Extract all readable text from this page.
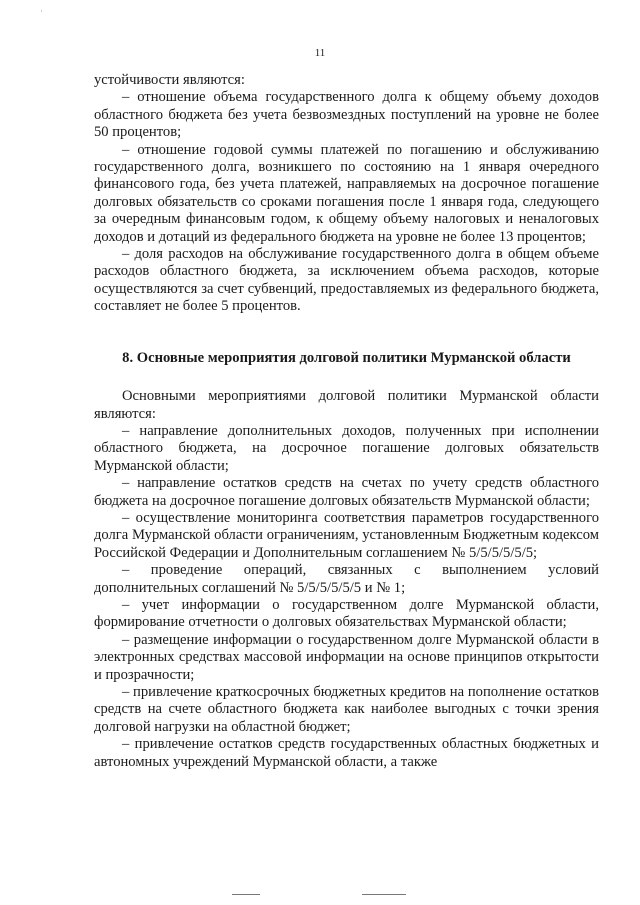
·
11

устойчивости являются:

– отношение объема государственного долга к общему объему доходов областного бюджета без учета безвозмездных поступлений на уровне не более 50 процентов;

– отношение годовой суммы платежей по погашению и обслуживанию государственного долга, возникшего по состоянию на 1 января очередного финансового года, без учета платежей, направляемых на досрочное погашение долговых обязательств со сроками погашения после 1 января года, следующего за очередным финансовым годом, к общему объему налоговых и неналоговых доходов и дотаций из федерального бюджета на уровне не более 13 процентов;

– доля расходов на обслуживание государственного долга в общем объеме расходов областного бюджета, за исключением объема расходов, которые осуществляются за счет субвенций, предоставляемых из федерального бюджета, составляет не более 5 процентов.

8. Основные мероприятия долговой политики Мурманской области

Основными мероприятиями долговой политики Мурманской области являются:

– направление дополнительных доходов, полученных при исполнении областного бюджета, на досрочное погашение долговых обязательств Мурманской области;

– направление остатков средств на счетах по учету средств областного бюджета на досрочное погашение долговых обязательств Мурманской области;

– осуществление мониторинга соответствия параметров государственного долга Мурманской области ограничениям, установленным Бюджетным кодексом Российской Федерации и Дополнительным соглашением № 5/5/5/5/5/5;

– проведение операций, связанных с выполнением условий дополнительных соглашений № 5/5/5/5/5/5 и № 1;

– учет информации о государственном долге Мурманской области, формирование отчетности о долговых обязательствах Мурманской области;

– размещение информации о государственном долге Мурманской области в электронных средствах массовой информации на основе принципов открытости и прозрачности;

– привлечение краткосрочных бюджетных кредитов на пополнение остатков средств на счете областного бюджета как наиболее выгодных с точки зрения долговой нагрузки на областной бюджет;

– привлечение остатков средств государственных областных бюджетных и автономных учреждений Мурманской области, а также
